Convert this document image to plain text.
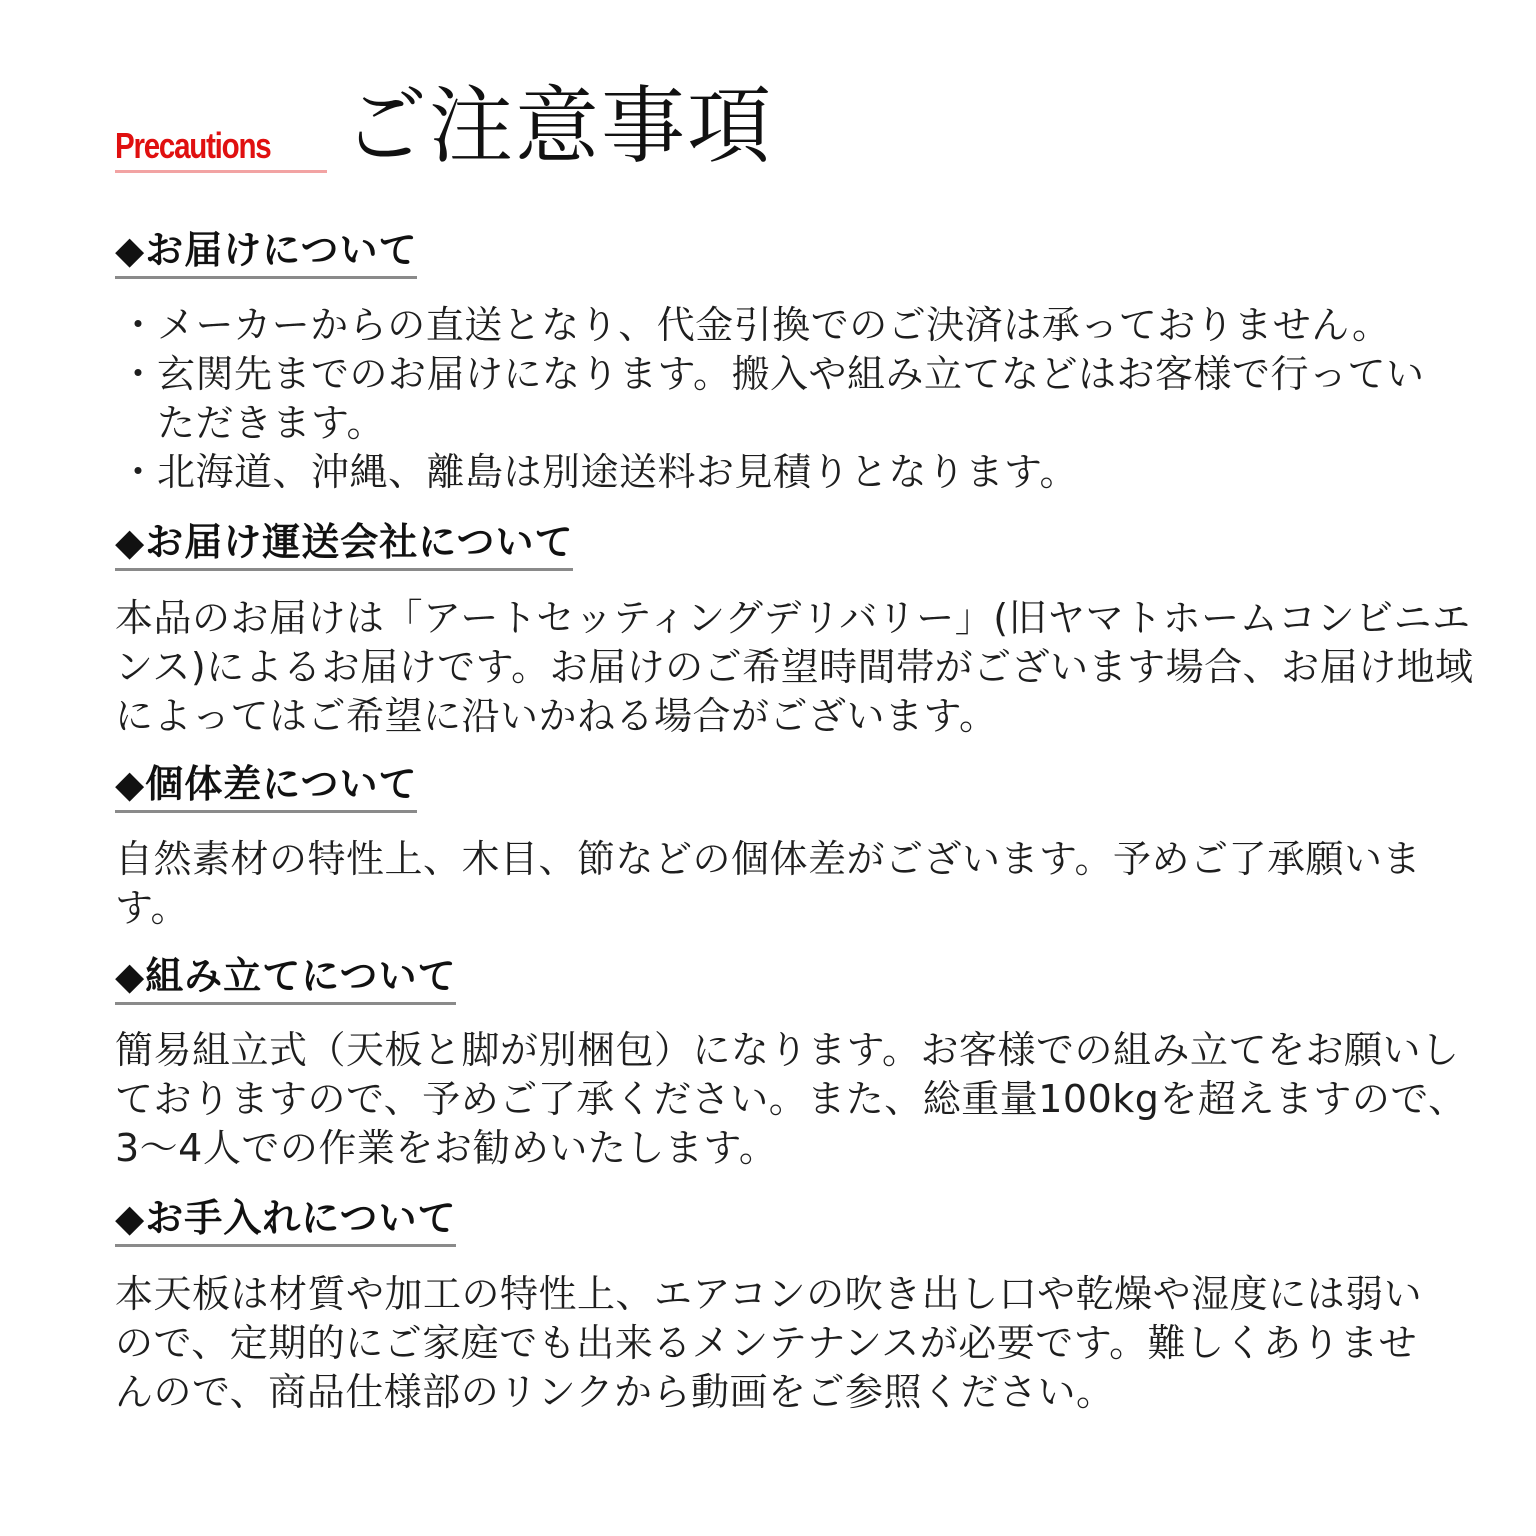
Precautions ご注意事項
◆お届けについて
・ メーカーからの直送となり、代金引換でのご決済は承っておりません。
・ 玄関先までのお届けになります。搬入や組み立てなどはお客様で行っていただきます。
・ 北海道、沖縄、離島は別途送料お見積りとなります。
◆お届け運送会社について

本品のお届けは「アートセッティングデリバリー」(旧ヤマトホームコンビニエンス)によるお届けです。お届けのご希望時間帯がございます場合、お届け地域によってはご希望に沿いかねる場合がございます。

◆個体差について

自然素材の特性上、木目、節などの個体差がございます。予めご了承願います。

◆組み立てについて

簡易組立式（天板と脚が別梱包）になります。お客様での組み立てをお願いしておりますので、予めご了承ください。また、総重量100kgを超えますので、3〜4人での作業をお勧めいたします。

◆お手入れについて

本天板は材質や加工の特性上、エアコンの吹き出し口や乾燥や湿度には弱いので、定期的にご家庭でも出来るメンテナンスが必要です。難しくありませんので、商品仕様部のリンクから動画をご参照ください。
